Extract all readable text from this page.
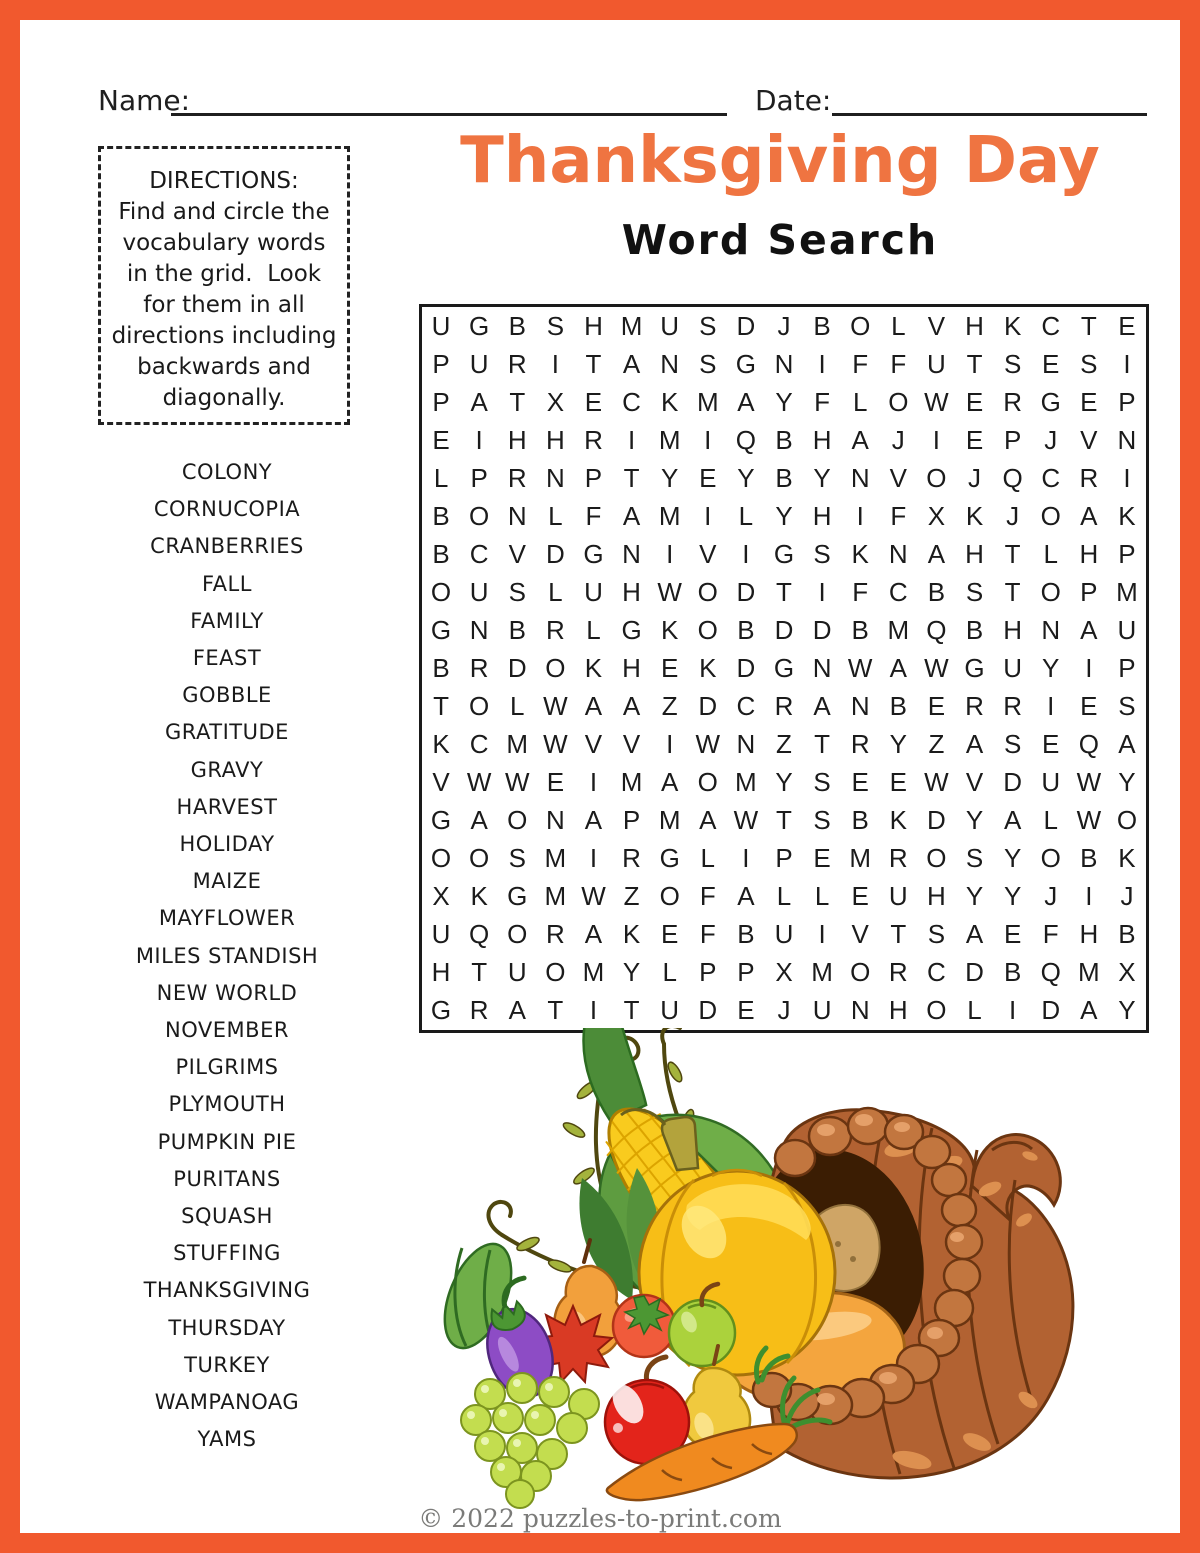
Name:	Date:
Thanksgiving Day
Word Search
DIRECTIONS:
Find and circle the
vocabulary words
in the grid.  Look
for them in all
directions including
backwards and
diagonally.
COLONY
CORNUCOPIA
CRANBERRIES
FALL
FAMILY
FEAST
GOBBLE
GRATITUDE
GRAVY
HARVEST
HOLIDAY
MAIZE
MAYFLOWER
MILES STANDISH
NEW WORLD
NOVEMBER
PILGRIMS
PLYMOUTH
PUMPKIN PIE
PURITANS
SQUASH
STUFFING
THANKSGIVING
THURSDAY
TURKEY
WAMPANOAG
YAMS
U G B S H M U S D J B O L V H K C T E
P U R I	T A N S G N I	F F U T S E S I
P A T X E C K M A Y F L O W E R G E P
E I H H R I M I Q B H A J	I E P J V N
L P R N P T Y E Y B Y N V O J Q C R I
B O N L F A M I	L Y H I	F X K J O A K
B C V D G N I V I G S K N A H T L H P
O U S L U H W O D T	I	F C B S T O P M
G N B R L G K O B D D B M Q B H N A U
B R D O K H E K D G N W A W G U Y I P
T O L W A A Z D C R A N B E R R I E S
K C M W V V I W N Z T R Y Z A S E Q A
V W W E I M A O M Y S E E W V D U W Y
G A O N A P M A W T S B K D Y A L W O
O O S M I R G L	I P E M R O S Y O B K
X K G M W Z O F A L L E U H Y Y J	I	J
U Q O R A K E F B U I V T S A E F H B
H T U O M Y L P P X M O R C D B Q M X
G R A T	I	T U D E J U N H O L	I D A Y
© 2022 puzzles-to-print.com
